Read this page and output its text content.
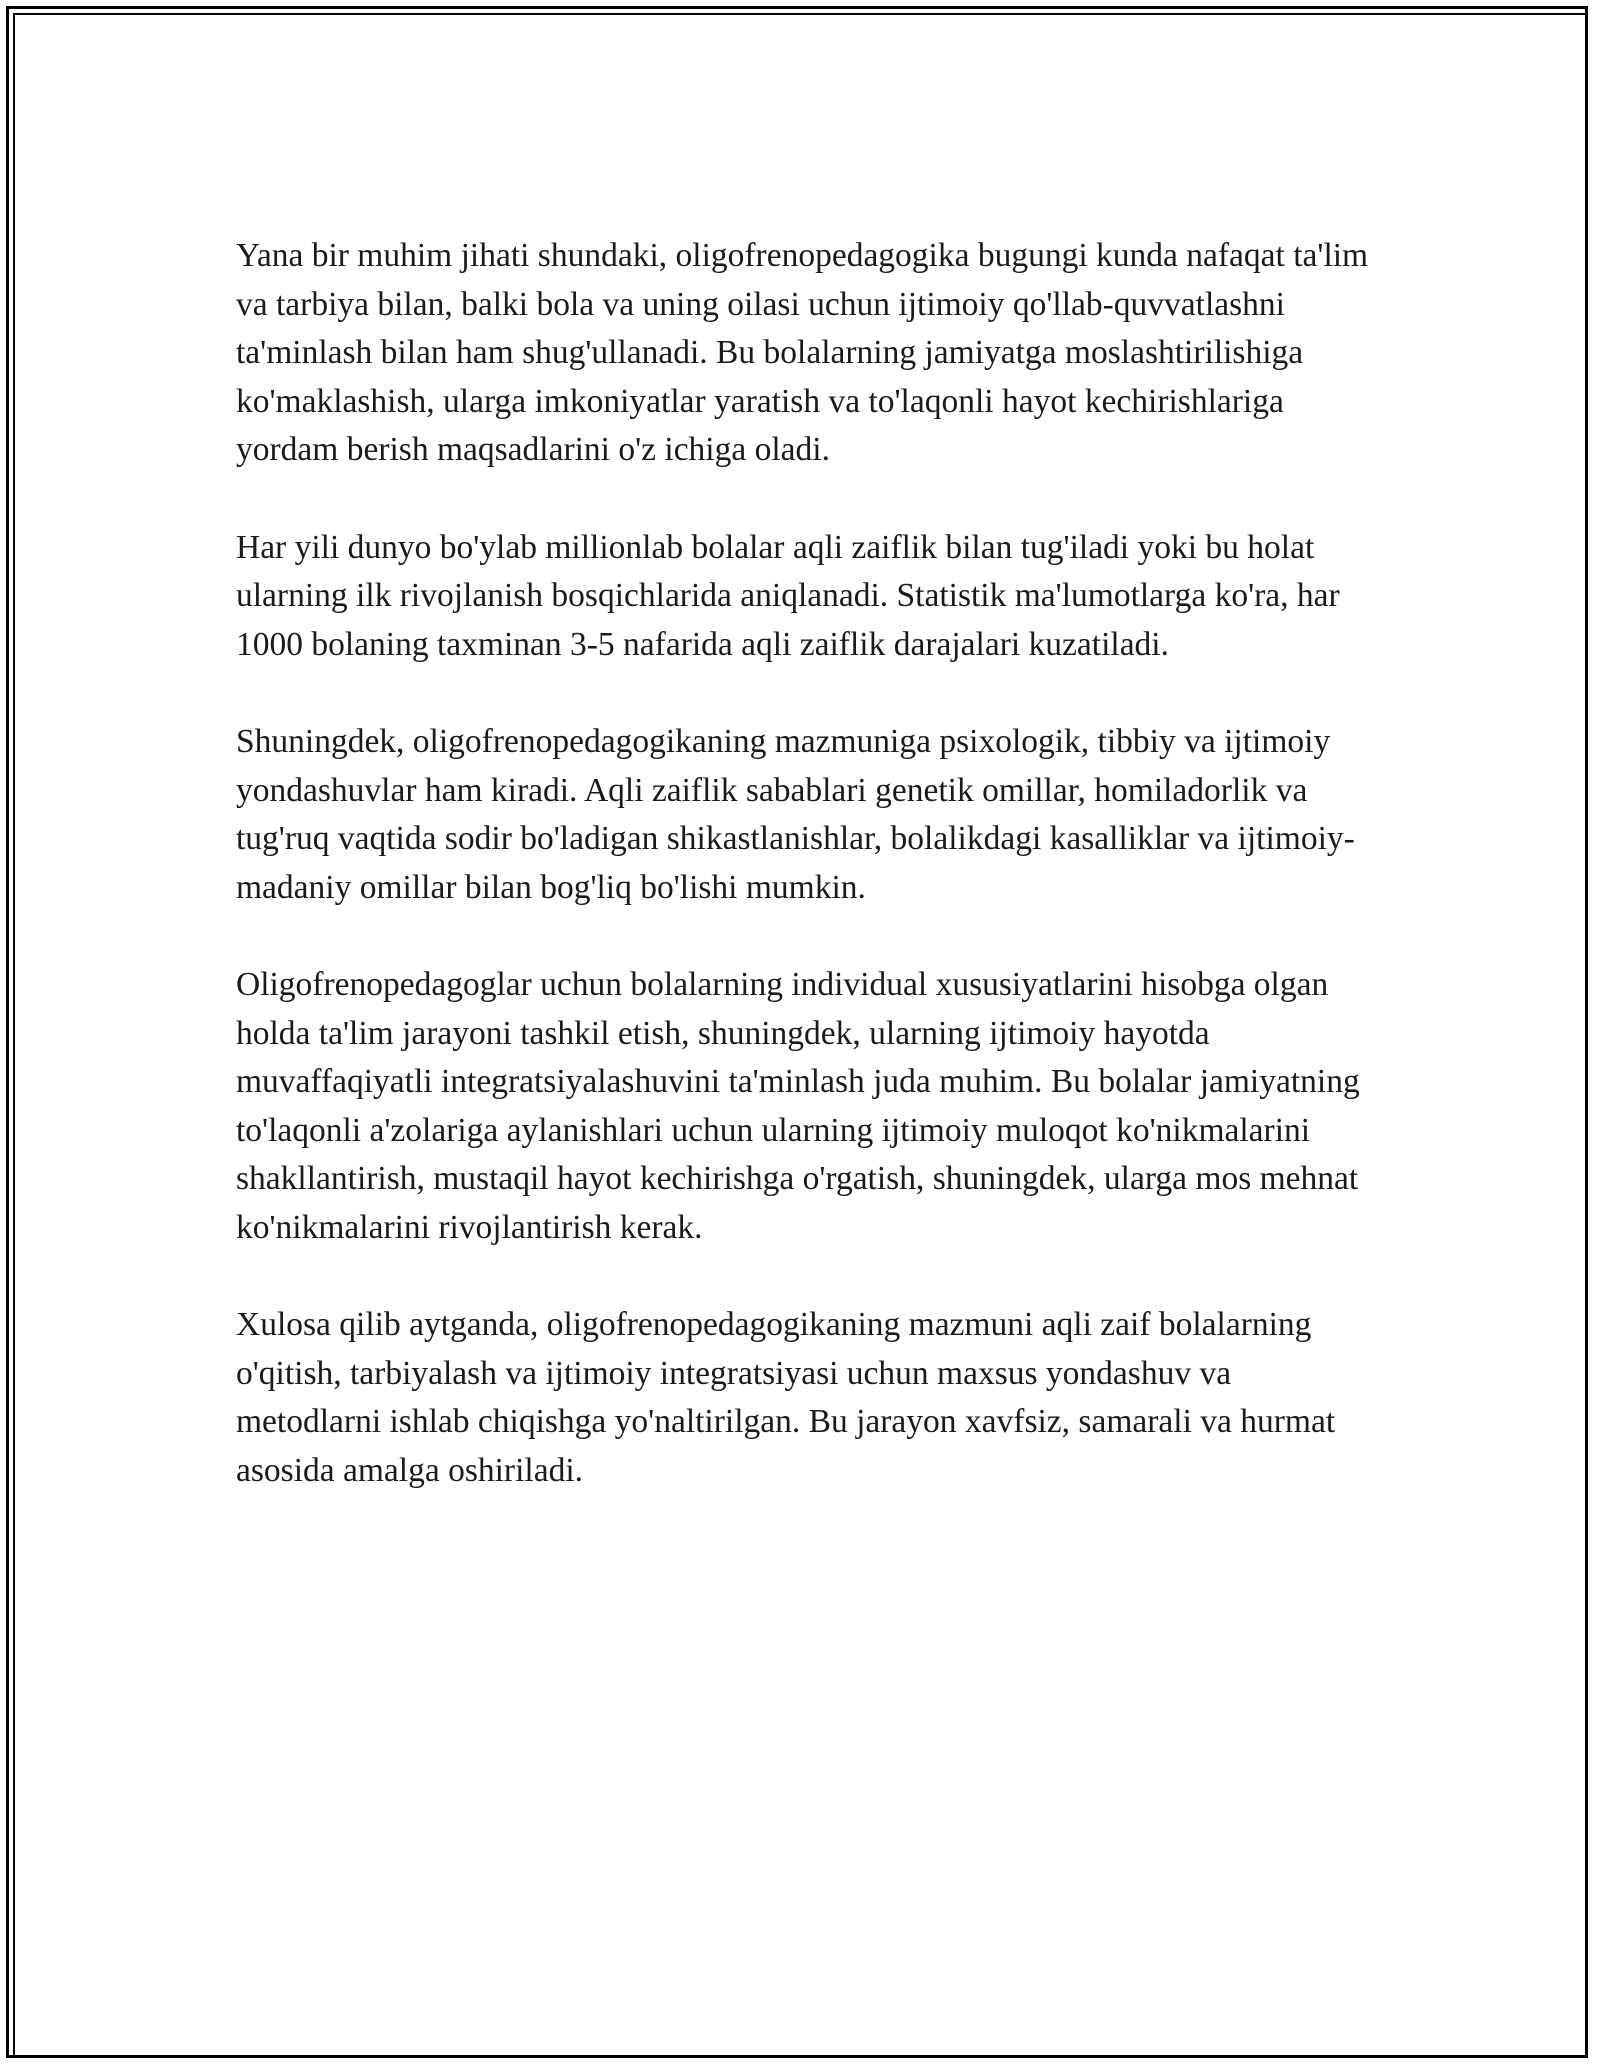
Yana bir muhim jihati shundaki, oligofrenopedagogika bugungi kunda nafaqat ta'lim va tarbiya bilan, balki bola va uning oilasi uchun ijtimoiy qo'llab-quvvatlashni ta'minlash bilan ham shug'ullanadi. Bu bolalarning jamiyatga moslashtirilishiga ko'maklashish, ularga imkoniyatlar yaratish va to'laqonli hayot kechirishlariga yordam berish maqsadlarini o'z ichiga oladi.

Har yili dunyo bo'ylab millionlab bolalar aqli zaiflik bilan tug'iladi yoki bu holat ularning ilk rivojlanish bosqichlarida aniqlanadi. Statistik ma'lumotlarga ko'ra, har 1000 bolaning taxminan 3-5 nafarida aqli zaiflik darajalari kuzatiladi.

Shuningdek, oligofrenopedagogikaning mazmuniga psixologik, tibbiy va ijtimoiy yondashuvlar ham kiradi. Aqli zaiflik sabablari genetik omillar, homiladorlik va tug'ruq vaqtida sodir bo'ladigan shikastlanishlar, bolalikdagi kasalliklar va ijtimoiy-madaniy omillar bilan bog'liq bo'lishi mumkin.

Oligofrenopedagoglar uchun bolalarning individual xususiyatlarini hisobga olgan holda ta'lim jarayoni tashkil etish, shuningdek, ularning ijtimoiy hayotda muvaffaqiyatli integratsiyalashuvini ta'minlash juda muhim. Bu bolalar jamiyatning to'laqonli a'zolariga aylanishlari uchun ularning ijtimoiy muloqot ko'nikmalarini shakllantirish, mustaqil hayot kechirishga o'rgatish, shuningdek, ularga mos mehnat ko'nikmalarini rivojlantirish kerak.

Xulosa qilib aytganda, oligofrenopedagogikaning mazmuni aqli zaif bolalarning o'qitish, tarbiyalash va ijtimoiy integratsiyasi uchun maxsus yondashuv va metodlarni ishlab chiqishga yo'naltirilgan. Bu jarayon xavfsiz, samarali va hurmat asosida amalga oshiriladi.
